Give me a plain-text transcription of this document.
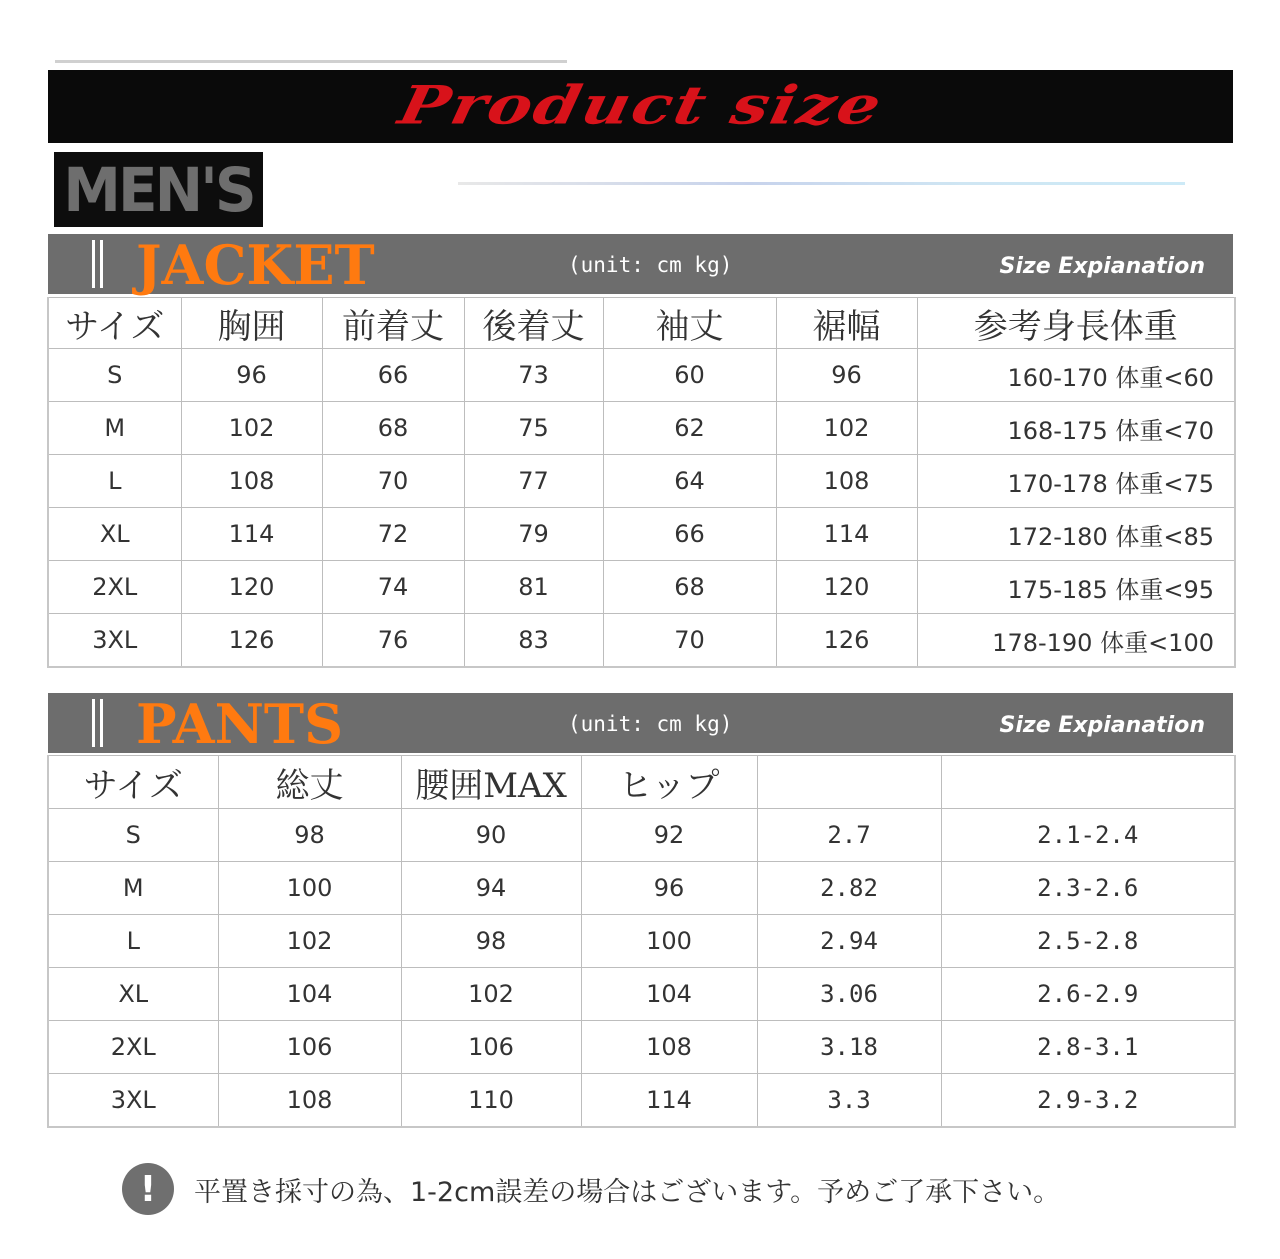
Product size
MEN'S
JACKET	(unit: cm kg)	Size Expianation
サイズ	胸囲	前着丈	後着丈	袖丈	裾幅	参考身長体重
S	96	66	73	60	96	160-170 体重<60
M	102	68	75	62	102	168-175 体重<70
L	108	70	77	64	108	170-178 体重<75
XL	114	72	79	66	114	172-180 体重<85
2XL	120	74	81	68	120	175-185 体重<95
3XL	126	76	83	70	126	178-190 体重<100
PANTS	(unit: cm kg)	Size Expianation
サイズ	総丈	腰囲MAX	ヒップ		
S	98	90	92	2.7	2.1-2.4
M	100	94	96	2.82	2.3-2.6
L	102	98	100	2.94	2.5-2.8
XL	104	102	104	3.06	2.6-2.9
2XL	106	106	108	3.18	2.8-3.1
3XL	108	110	114	3.3	2.9-3.2
!	平置き採寸の為、1-2cm誤差の場合はございます。予めご了承下さい。
